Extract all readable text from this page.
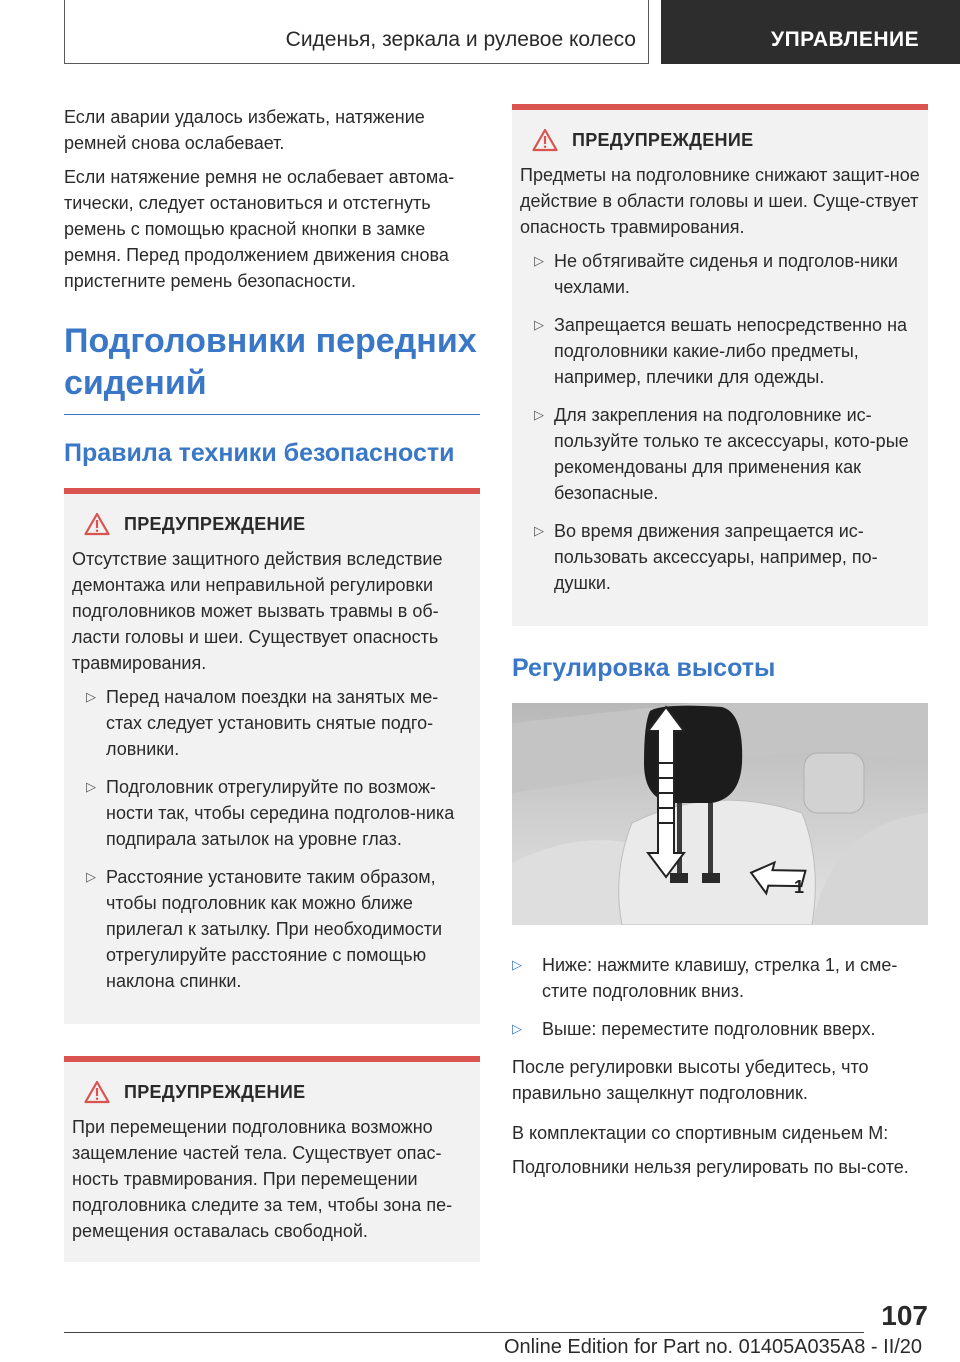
Сиденья, зеркала и рулевое колесо	УПРАВЛЕНИЕ

Если аварии удалось избежать, натяжение ремней снова ослабевает.

Если натяжение ремня не ослабевает автома-тически, следует остановиться и отстегнуть ремень с помощью красной кнопки в замке ремня. Перед продолжением движения снова пристегните ремень безопасности.

Подголовники передних сидений
Правила техники безопасности
ПРЕДУПРЕЖДЕНИЕ

Отсутствие защитного действия вследствие демонтажа или неправильной регулировки подголовников может вызвать травмы в об-ласти головы и шеи. Существует опасность травмирования.

▷ Перед началом поездки на занятых ме-стах следует установить снятые подго-ловники.
▷ Подголовник отрегулируйте по возмож-ности так, чтобы середина подголов-ника подпирала затылок на уровне глаз.
▷ Расстояние установите таким образом, чтобы подголовник как можно ближе прилегал к затылку. При необходимости отрегулируйте расстояние с помощью наклона спинки.
ПРЕДУПРЕЖДЕНИЕ

При перемещении подголовника возможно защемление частей тела. Существует опас-ность травмирования. При перемещении подголовника следите за тем, чтобы зона пе-ремещения оставалась свободной.

ПРЕДУПРЕЖДЕНИЕ

Предметы на подголовнике снижают защит-ное действие в области головы и шеи. Суще-ствует опасность травмирования.

▷ Не обтягивайте сиденья и подголов-ники чехлами.
▷ Запрещается вешать непосредственно на подголовники какие-либо предметы, например, плечики для одежды.
▷ Для закрепления на подголовнике ис-пользуйте только те аксессуары, кото-рые рекомендованы для применения как безопасные.
▷ Во время движения запрещается ис-пользовать аксессуары, например, по-душки.
Регулировка высоты
1
▷	Ниже: нажмите клавишу, стрелка 1, и сме-стите подголовник вниз.
▷	Выше: переместите подголовник вверх.

После регулировки высоты убедитесь, что правильно защелкнут подголовник.

В комплектации со спортивным сиденьем M:

Подголовники нельзя регулировать по вы-соте.

107
Online Edition for Part no. 01405A035A8 - II/20
